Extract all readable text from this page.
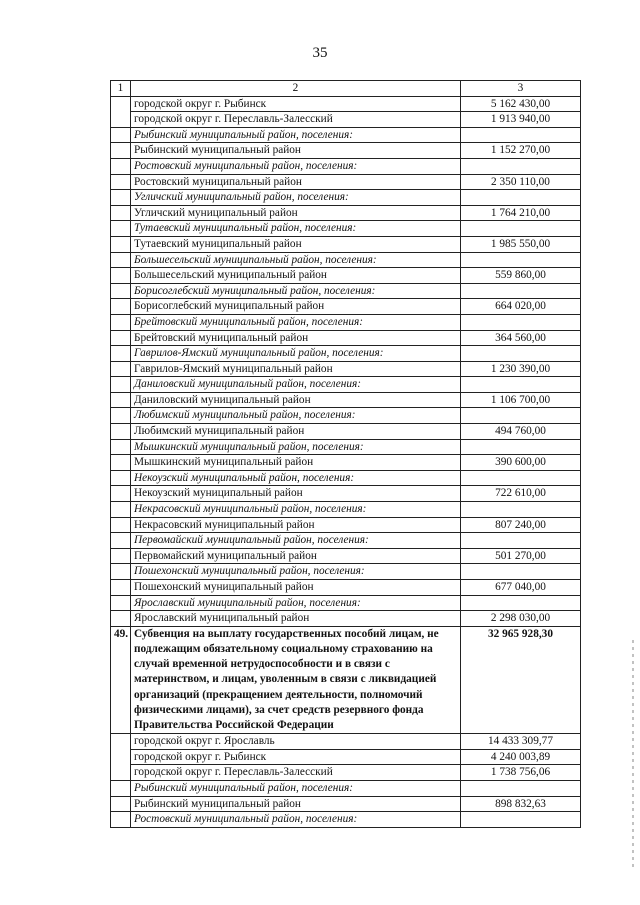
35
1	2	3
	городской округ г. Рыбинск	5 162 430,00
	городской округ г. Переславль-Залесский	1 913 940,00
	Рыбинский муниципальный район, поселения:	
	Рыбинский муниципальный район	1 152 270,00
	Ростовский муниципальный район, поселения:	
	Ростовский муниципальный район	2 350 110,00
	Угличский муниципальный район, поселения:	
	Угличский муниципальный район	1 764 210,00
	Тутаевский муниципальный район, поселения:	
	Тутаевский муниципальный район	1 985 550,00
	Большесельский муниципальный район, поселения:	
	Большесельский муниципальный район	559 860,00
	Борисоглебский муниципальный район, поселения:	
	Борисоглебский муниципальный район	664 020,00
	Брейтовский муниципальный район, поселения:	
	Брейтовский муниципальный район	364 560,00
	Гаврилов-Ямский муниципальный район, поселения:	
	Гаврилов-Ямский муниципальный район	1 230 390,00
	Даниловский муниципальный район, поселения:	
	Даниловский муниципальный район	1 106 700,00
	Любимский муниципальный район, поселения:	
	Любимский муниципальный район	494 760,00
	Мышкинский муниципальный район, поселения:	
	Мышкинский муниципальный район	390 600,00
	Некоузский муниципальный район, поселения:	
	Некоузский муниципальный район	722 610,00
	Некрасовский муниципальный район, поселения:	
	Некрасовский муниципальный район	807 240,00
	Первомайский муниципальный район, поселения:	
	Первомайский муниципальный район	501 270,00
	Пошехонский муниципальный район, поселения:	
	Пошехонский муниципальный район	677 040,00
	Ярославский муниципальный район, поселения:	
	Ярославский муниципальный район	2 298 030,00
49.	Субвенция на выплату государственных пособий лицам, не подлежащим обязательному социальному страхованию на случай временной нетрудоспособности и в связи с материнством, и лицам, уволенным в связи с ликвидацией организаций (прекращением деятельности, полномочий физическими лицами), за счет средств резервного фонда Правительства Российской Федерации	32 965 928,30
	городской округ г. Ярославль	14 433 309,77
	городской округ г. Рыбинск	4 240 003,89
	городской округ г. Переславль-Залесский	1 738 756,06
	Рыбинский муниципальный район, поселения:	
	Рыбинский муниципальный район	898 832,63
	Ростовский муниципальный район, поселения:	
